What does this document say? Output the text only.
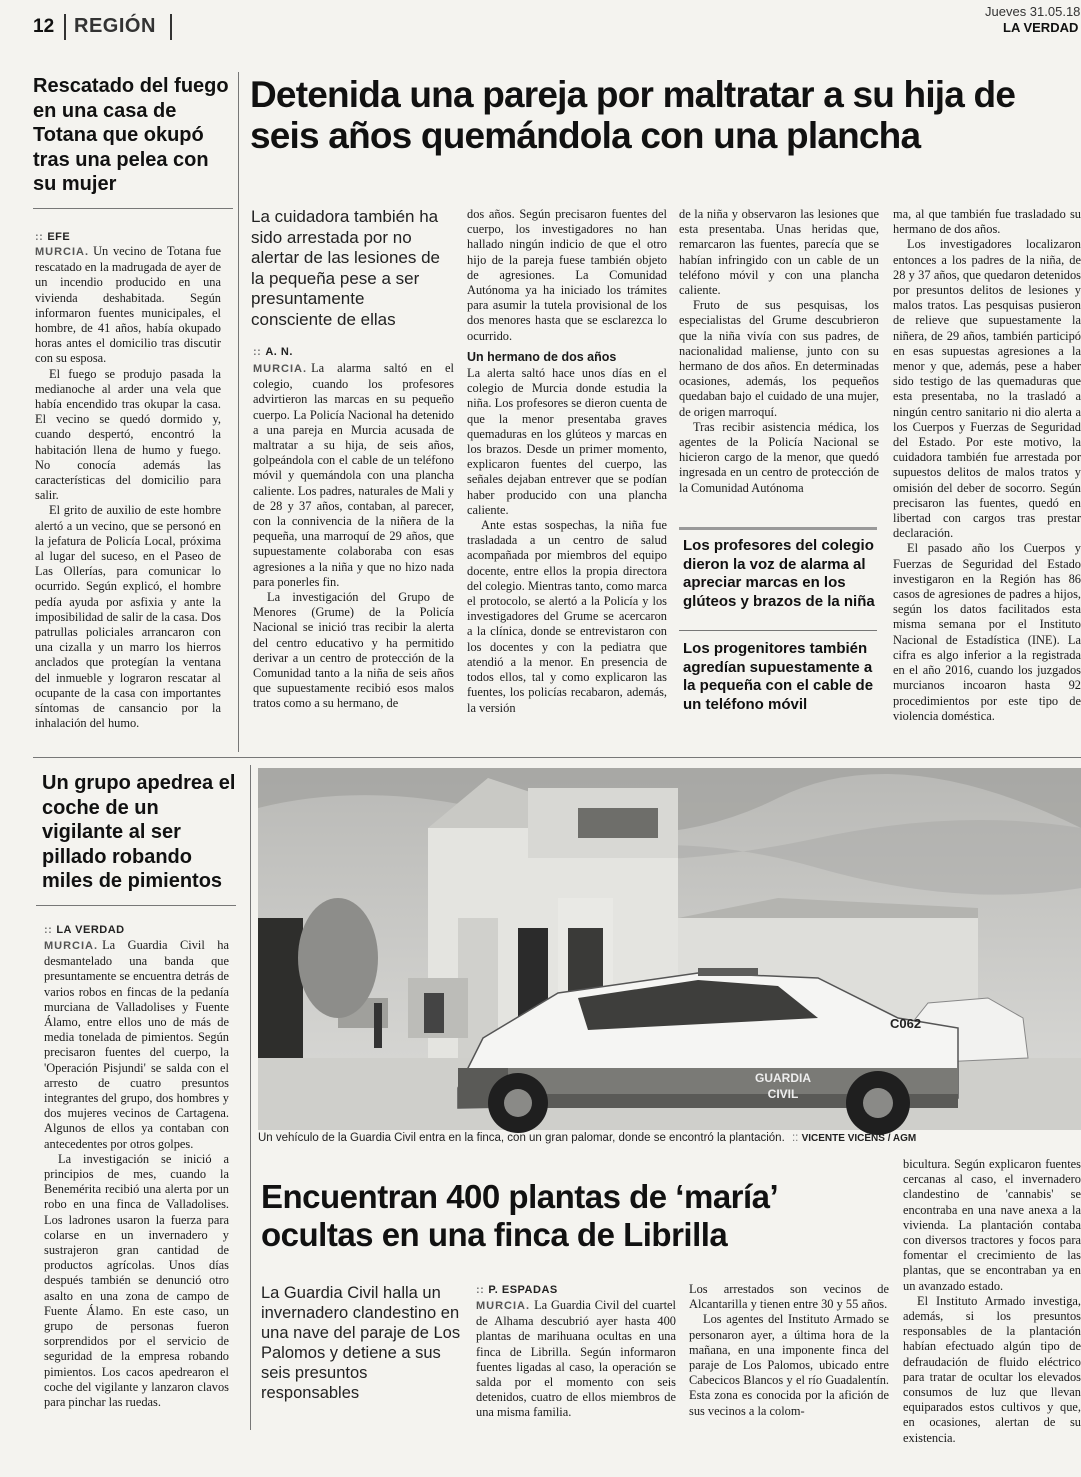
12 REGIÓN
Jueves 31.05.18
LA VERDAD
Rescatado del fuego en una casa de Totana que okupó tras una pelea con su mujer
:: EFE

MURCIA. Un vecino de Totana fue rescatado en la madrugada de ayer de un incendio producido en una vivienda deshabitada. Según informaron fuentes municipales, el hombre, de 41 años, había okupado horas antes el domicilio tras discutir con su esposa.

El fuego se produjo pasada la medianoche al arder una vela que había encendido tras okupar la casa. El vecino se quedó dormido y, cuando despertó, encontró la habitación llena de humo y fuego. No conocía además las características del domicilio para salir.

El grito de auxilio de este hombre alertó a un vecino, que se personó en la jefatura de Policía Local, próxima al lugar del suceso, en el Paseo de Las Ollerías, para comunicar lo ocurrido. Según explicó, el hombre pedía ayuda por asfixia y ante la imposibilidad de salir de la casa. Dos patrullas policiales arrancaron con una cizalla y un marro los hierros anclados que protegían la ventana del inmueble y lograron rescatar al ocupante de la casa con importantes síntomas de cansancio por la inhalación del humo.

Detenida una pareja por maltratar a su hija de seis años quemándola con una plancha
La cuidadora también ha sido arrestada por no alertar de las lesiones de la pequeña pese a ser presuntamente consciente de ellas
:: A. N.

MURCIA. La alarma saltó en el colegio, cuando los profesores advirtieron las marcas en su pequeño cuerpo. La Policía Nacional ha detenido a una pareja en Murcia acusada de maltratar a su hija, de seis años, golpeándola con el cable de un teléfono móvil y quemándola con una plancha caliente. Los padres, naturales de Mali y de 28 y 37 años, contaban, al parecer, con la connivencia de la niñera de la pequeña, una marroquí de 29 años, que supuestamente colaboraba con esas agresiones a la niña y que no hizo nada para ponerles fin.

La investigación del Grupo de Menores (Grume) de la Policía Nacional se inició tras recibir la alerta del centro educativo y ha permitido derivar a un centro de protección de la Comunidad tanto a la niña de seis años que supuestamente recibió esos malos tratos como a su hermano, de

dos años. Según precisaron fuentes del cuerpo, los investigadores no han hallado ningún indicio de que el otro hijo de la pareja fuese también objeto de agresiones. La Comunidad Autónoma ya ha iniciado los trámites para asumir la tutela provisional de los dos menores hasta que se esclarezca lo ocurrido.

Un hermano de dos años

La alerta saltó hace unos días en el colegio de Murcia donde estudia la niña. Los profesores se dieron cuenta de que la menor presentaba graves quemaduras en los glúteos y marcas en los brazos. Desde un primer momento, explicaron fuentes del cuerpo, las señales dejaban entrever que se podían haber producido con una plancha caliente.

Ante estas sospechas, la niña fue trasladada a un centro de salud acompañada por miembros del equipo docente, entre ellos la propia directora del colegio. Mientras tanto, como marca el protocolo, se alertó a la Policía y los investigadores del Grume se acercaron a la clínica, donde se entrevistaron con los docentes y con la pediatra que atendió a la menor. En presencia de todos ellos, tal y como explicaron las fuentes, los policías recabaron, además, la versión

de la niña y observaron las lesiones que esta presentaba. Unas heridas que, remarcaron las fuentes, parecía que se habían infringido con un cable de un teléfono móvil y con una plancha caliente.

Fruto de sus pesquisas, los especialistas del Grume descubrieron que la niña vivía con sus padres, de nacionalidad maliense, junto con su hermano de dos años. En determinadas ocasiones, además, los pequeños quedaban bajo el cuidado de una mujer, de origen marroquí.

Tras recibir asistencia médica, los agentes de la Policía Nacional se hicieron cargo de la menor, que quedó ingresada en un centro de protección de la Comunidad Autónoma

Los profesores del colegio dieron la voz de alarma al apreciar marcas en los glúteos y brazos de la niña
Los progenitores también agredían supuestamente a la pequeña con el cable de un teléfono móvil

ma, al que también fue trasladado su hermano de dos años.

Los investigadores localizaron entonces a los padres de la niña, de 28 y 37 años, que quedaron detenidos por presuntos delitos de lesiones y malos tratos. Las pesquisas pusieron de relieve que supuestamente la niñera, de 29 años, también participó en esas supuestas agresiones a la menor y que, además, pese a haber sido testigo de las quemaduras que esta presentaba, no la trasladó a ningún centro sanitario ni dio alerta a los Cuerpos y Fuerzas de Seguridad del Estado. Por este motivo, la cuidadora también fue arrestada por supuestos delitos de malos tratos y omisión del deber de socorro. Según precisaron las fuentes, quedó en libertad con cargos tras prestar declaración.

El pasado año los Cuerpos y Fuerzas de Seguridad del Estado investigaron en la Región has 86 casos de agresiones de padres a hijos, según los datos facilitados esta misma semana por el Instituto Nacional de Estadística (INE). La cifra es algo inferior a la registrada en el año 2016, cuando los juzgados murcianos incoaron hasta 92 procedimientos por este tipo de violencia doméstica.

Un grupo apedrea el coche de un vigilante al ser pillado robando miles de pimientos
:: LA VERDAD

MURCIA. La Guardia Civil ha desmantelado una banda que presuntamente se encuentra detrás de varios robos en fincas de la pedanía murciana de Valladolises y Fuente Álamo, entre ellos uno de más de media tonelada de pimientos. Según precisaron fuentes del cuerpo, la 'Operación Pisjundi' se salda con el arresto de cuatro presuntos integrantes del grupo, dos hombres y dos mujeres vecinos de Cartagena. Algunos de ellos ya contaban con antecedentes por otros golpes.

La investigación se inició a principios de mes, cuando la Benemérita recibió una alerta por un robo en una finca de Valladolises. Los ladrones usaron la fuerza para colarse en un invernadero y sustrajeron gran cantidad de productos agrícolas. Unos días después también se denunció otro asalto en una zona de campo de Fuente Álamo. En este caso, un grupo de personas fueron sorprendidos por el servicio de seguridad de la empresa robando pimientos. Los cacos apedrearon el coche del vigilante y lanzaron clavos para pinchar las ruedas.

C062
GUARDIA CIVIL
Un vehículo de la Guardia Civil entra en la finca, con un gran palomar, donde se encontró la plantación. :: VICENTE VICÉNS / AGM
Encuentran 400 plantas de ‘maría’ ocultas en una finca de Librilla
La Guardia Civil halla un invernadero clandestino en una nave del paraje de Los Palomos y detiene a sus seis presuntos responsables
:: P. ESPADAS

MURCIA. La Guardia Civil del cuartel de Alhama descubrió ayer hasta 400 plantas de marihuana ocultas en una finca de Librilla. Según informaron fuentes ligadas al caso, la operación se salda por el momento con seis detenidos, cuatro de ellos miembros de una misma familia.

Los arrestados son vecinos de Alcantarilla y tienen entre 30 y 55 años.

Los agentes del Instituto Armado se personaron ayer, a última hora de la mañana, en una imponente finca del paraje de Los Palomos, ubicado entre Cabecicos Blancos y el río Guadalentín. Esta zona es conocida por la afición de sus vecinos a la colom-

bicultura. Según explicaron fuentes cercanas al caso, el invernadero clandestino de 'cannabis' se encontraba en una nave anexa a la vivienda. La plantación contaba con diversos tractores y focos para fomentar el crecimiento de las plantas, que se encontraban ya en un avanzado estado.

El Instituto Armado investiga, además, si los presuntos responsables de la plantación habían efectuado algún tipo de defraudación de fluido eléctrico para tratar de ocultar los elevados consumos de luz que llevan equiparados estos cultivos y que, en ocasiones, alertan de su existencia.
